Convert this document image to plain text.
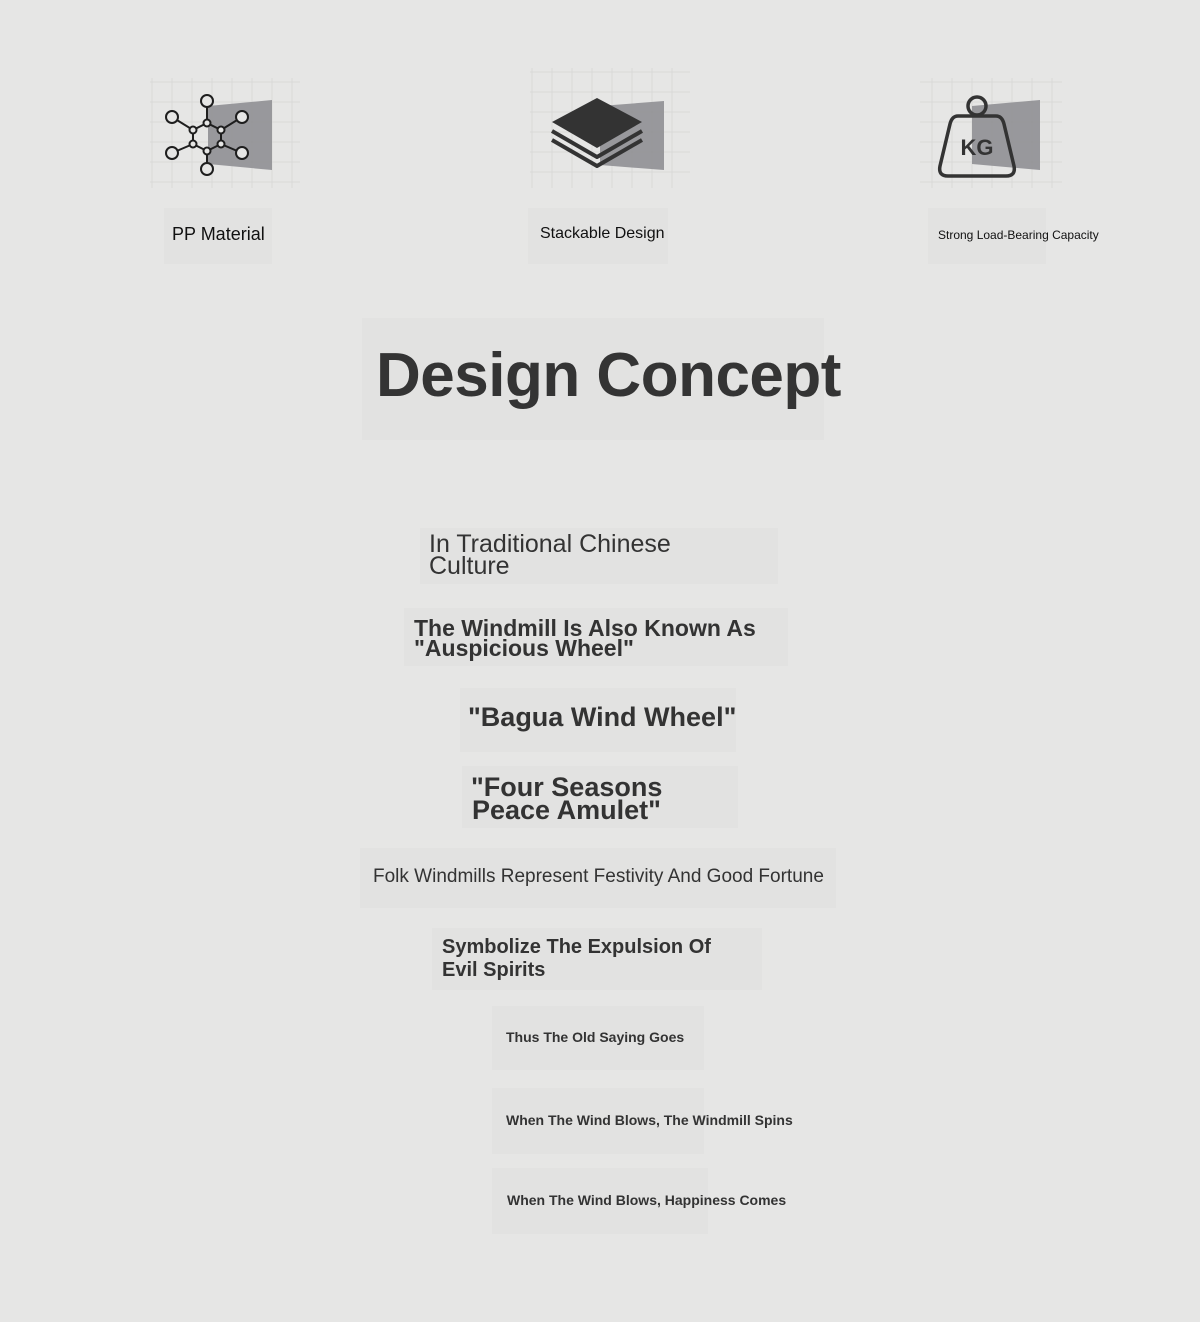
PP Material	Stackable Design
KG
Strong Load-Bearing Capacity
Design Concept
In Traditional Chinese
Culture
The Windmill Is Also Known As
"Auspicious Wheel"
"Bagua Wind Wheel"
"Four Seasons
Peace Amulet"
Folk Windmills Represent Festivity And Good Fortune
Symbolize The Expulsion Of
Evil Spirits
Thus The Old Saying Goes
When The Wind Blows, The Windmill Spins
When The Wind Blows, Happiness Comes
